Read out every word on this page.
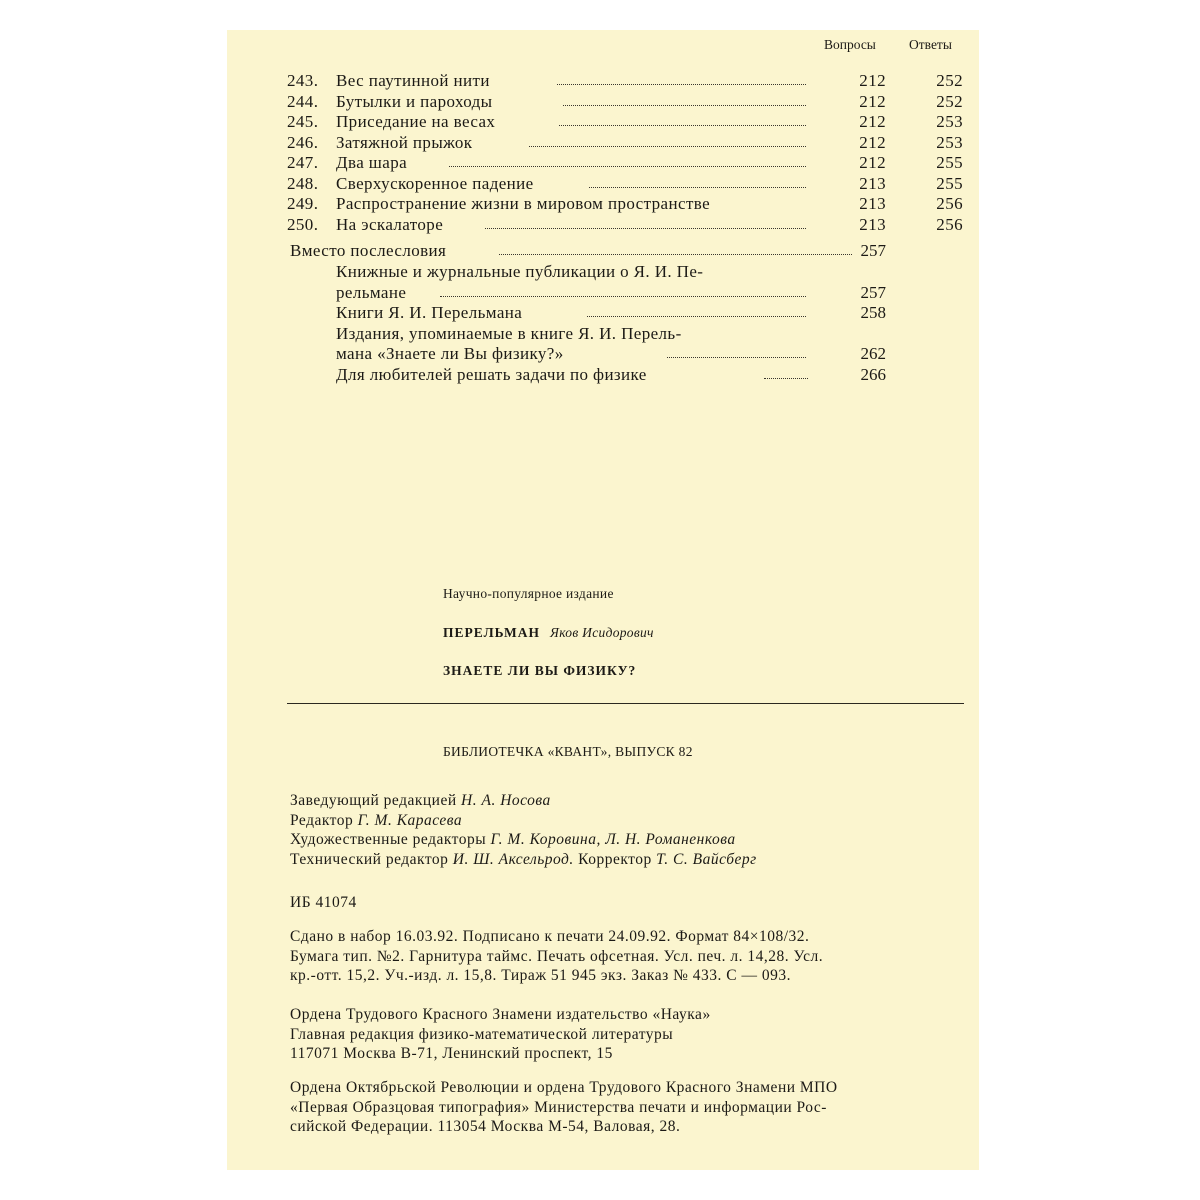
Вопросы Ответы
243. Вес паутинной нити	212	252
244. Бутылки и пароходы	212	252
245. Приседание на весах	212	253
246. Затяжной прыжок	212	253
247. Два шара	212	255
248. Сверхускоренное падение	213	255
249. Распространение жизни в мировом пространстве	213	256
250. На эскалаторе	213	256
Вместо послесловия	257
Книжные и журнальные публикации о Я. И. Пе-
рельмане	257
Книги Я. И. Перельмана	258
Издания, упоминаемые в книге Я. И. Перель-
мана «Знаете ли Вы физику?»	262
Для любителей решать задачи по физике	266
Научно-популярное издание
ПЕРЕЛЬМАН Яков Исидорович
ЗНАЕТЕ ЛИ ВЫ ФИЗИКУ?
БИБЛИОТЕЧКА «КВАНТ», ВЫПУСК 82
Заведующий редакцией Н. А. Носова
Редактор Г. М. Карасева
Художественные редакторы Г. М. Коровина, Л. Н. Романенкова
Технический редактор И. Ш. Аксельрод. Корректор Т. С. Вайсберг
ИБ 41074
Сдано в набор 16.03.92. Подписано к печати 24.09.92. Формат 84×108/32.
Бумага тип. №2. Гарнитура таймс. Печать офсетная. Усл. печ. л. 14,28. Усл.
кр.-отт. 15,2. Уч.-изд. л. 15,8. Тираж 51 945 экз. Заказ № 433. С — 093.
Ордена Трудового Красного Знамени издательство «Наука»
Главная редакция физико-математической литературы
117071 Москва В-71, Ленинский проспект, 15
Ордена Октябрьской Революции и ордена Трудового Красного Знамени МПО
«Первая Образцовая типография» Министерства печати и информации Рос-
сийской Федерации. 113054 Москва М-54, Валовая, 28.
